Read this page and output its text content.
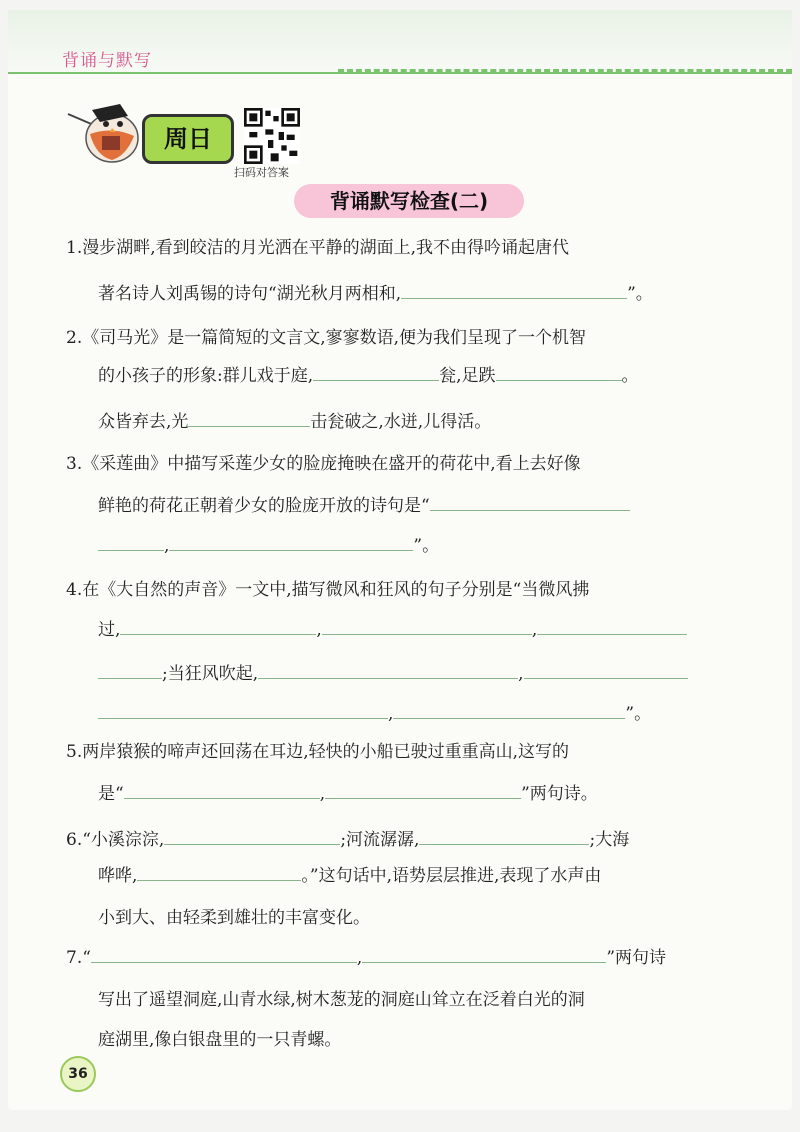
背诵与默写
周日
扫码对答案
背诵默写检查(二)
1.漫步湖畔,看到皎洁的月光洒在平静的湖面上,我不由得吟诵起唐代
著名诗人刘禹锡的诗句“湖光秋月两相和,	”。
2.《司马光》是一篇简短的文言文,寥寥数语,便为我们呈现了一个机智
的小孩子的形象:群儿戏于庭,	瓮,足跌	。
众皆弃去,光	击瓮破之,水迸,儿得活。
3.《采莲曲》中描写采莲少女的脸庞掩映在盛开的荷花中,看上去好像
鲜艳的荷花正朝着少女的脸庞开放的诗句是“
,	”。
4.在《大自然的声音》一文中,描写微风和狂风的句子分别是“当微风拂
过,	,	,
;当狂风吹起,	,
,	”。
5.两岸猿猴的啼声还回荡在耳边,轻快的小船已驶过重重高山,这写的
是“	,	”两句诗。
6.“小溪淙淙,	;河流潺潺,	;大海
哗哗,	。”这句话中,语势层层推进,表现了水声由
小到大、由轻柔到雄壮的丰富变化。
7.“	,	”两句诗
写出了遥望洞庭,山青水绿,树木葱茏的洞庭山耸立在泛着白光的洞
庭湖里,像白银盘里的一只青螺。
36
